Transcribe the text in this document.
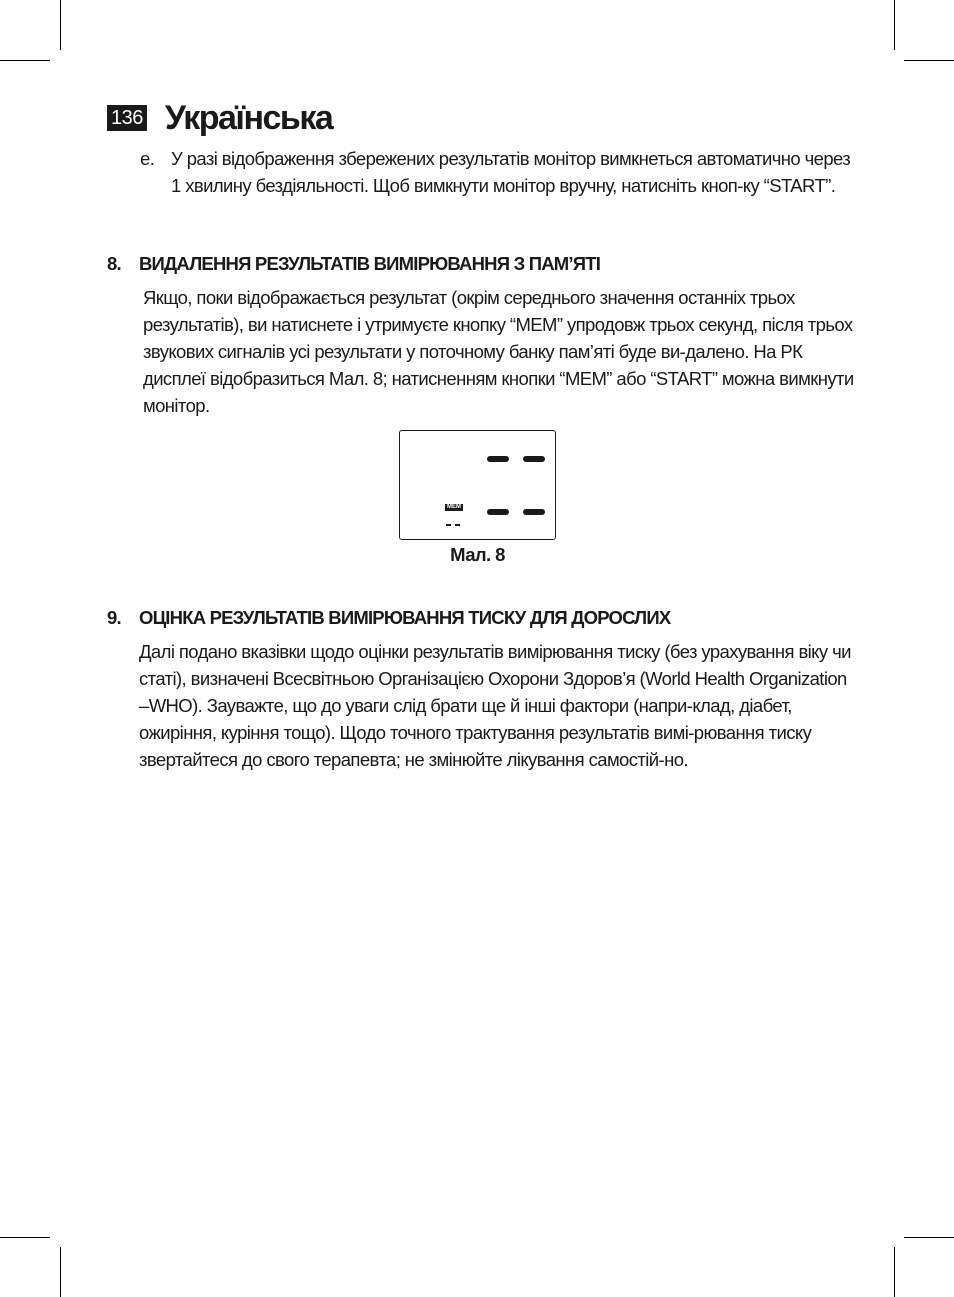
136 Українська
e. У разі відображення збережених результатів монітор вимкнеться автоматично через 1 хвилину бездіяльності. Щоб вимкнути монітор вручну, натисніть кноп-ку “START”.

8. ВИДАЛЕННЯ РЕЗУЛЬТАТІВ ВИМІРЮВАННЯ З ПАМ’ЯТІ

Якщо, поки відображається результат (окрім середнього значення останніх трьох результатів), ви натиснете і утримуєте кнопку “MEM” упродовж трьох секунд, після трьох звукових сигналів усі результати у поточному банку пам’яті буде ви-далено. На РК дисплеї відобразиться Мал. 8; натисненням кнопки “MEM” або “START” можна вимкнути монітор.

MEM
Мал. 8
9. ОЦІНКА РЕЗУЛЬТАТІВ ВИМІРЮВАННЯ ТИСКУ ДЛЯ ДОРОСЛИХ

Далі подано вказівки щодо оцінки результатів вимірювання тиску (без урахування віку чи статі), визначені Всесвітньою Організацією Охорони Здоров’я (World Health Organization –WHO). Зауважте, що до уваги слід брати ще й інші фактори (напри-клад, діабет, ожиріння, куріння тощо). Щодо точного трактування результатів вимі-рювання тиску звертайтеся до свого терапевта; не змінюйте лікування самостій-но.
